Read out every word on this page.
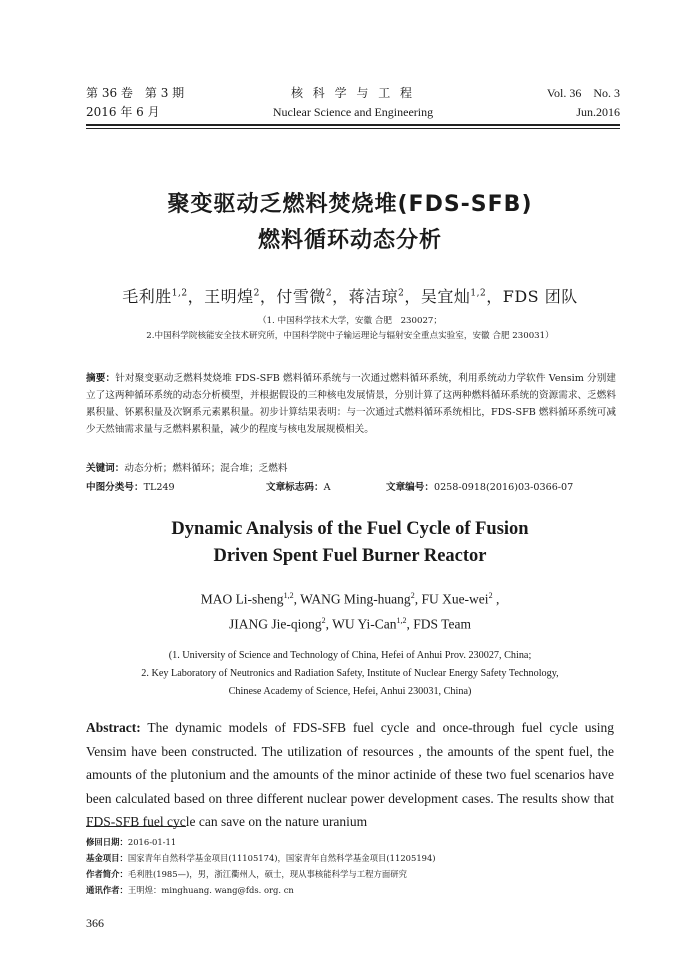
第 36 卷　第 3 期
2016 年 6 月
核 科 学 与 工 程
Nuclear Science and Engineering
Vol. 36　No. 3
Jun.2016
聚变驱动乏燃料焚烧堆(FDS-SFB)
燃料循环动态分析
毛利胜$^{1,2}$，王明煌$^2$，付雪微$^2$，蒋洁琼$^2$，吴宜灿$^{1,2}$，FDS 团队
（1. 中国科学技术大学，安徽 合肥　230027；
2.中国科学院核能安全技术研究所，中国科学院中子输运理论与辐射安全重点实验室，安徽 合肥 230031）
摘要：针对聚变驱动乏燃料焚烧堆 FDS-SFB 燃料循环系统与一次通过燃料循环系统，利用系统动力学软件 Vensim 分别建立了这两种循环系统的动态分析模型，并根据假设的三种核电发展情景，分别计算了这两种燃料循环系统的资源需求、乏燃料累积量、钚累积量及次锕系元素累积量。初步计算结果表明：与一次通过式燃料循环系统相比，FDS-SFB 燃料循环系统可减少天然铀需求量与乏燃料累积量，减少的程度与核电发展规模相关。
关键词：动态分析；燃料循环；混合堆；乏燃料
中图分类号：TL249	文章标志码：A	文章编号：0258-0918(2016)03-0366-07
Dynamic Analysis of the Fuel Cycle of Fusion
Driven Spent Fuel Burner Reactor
MAO Li-sheng$^{1,2}$, WANG Ming-huang$^2$, FU Xue-wei$^2$ ,
JIANG Jie-qiong$^2$, WU Yi-Can$^{1,2}$, FDS Team
(1. University of Science and Technology of China, Hefei of Anhui Prov. 230027, China;
2. Key Laboratory of Neutronics and Radiation Safety, Institute of Nuclear Energy Safety Technology,
Chinese Academy of Science, Hefei, Anhui 230031, China)
Abstract: The dynamic models of FDS-SFB fuel cycle and once-through fuel cycle using Vensim have been constructed. The utilization of resources , the amounts of the spent fuel, the amounts of the plutonium and the amounts of the minor actinide of these two fuel scenarios have been calculated based on three different nuclear power development cases. The results show that FDS-SFB fuel cycle can save on the nature uranium
修回日期：2016-01-11
基金项目：国家青年自然科学基金项目(11105174)，国家青年自然科学基金项目(11205194)
作者简介：毛利胜(1985—)，男，浙江衢州人，硕士，现从事核能科学与工程方面研究
通讯作者：王明煌：minghuang. wang@fds. org. cn
366
